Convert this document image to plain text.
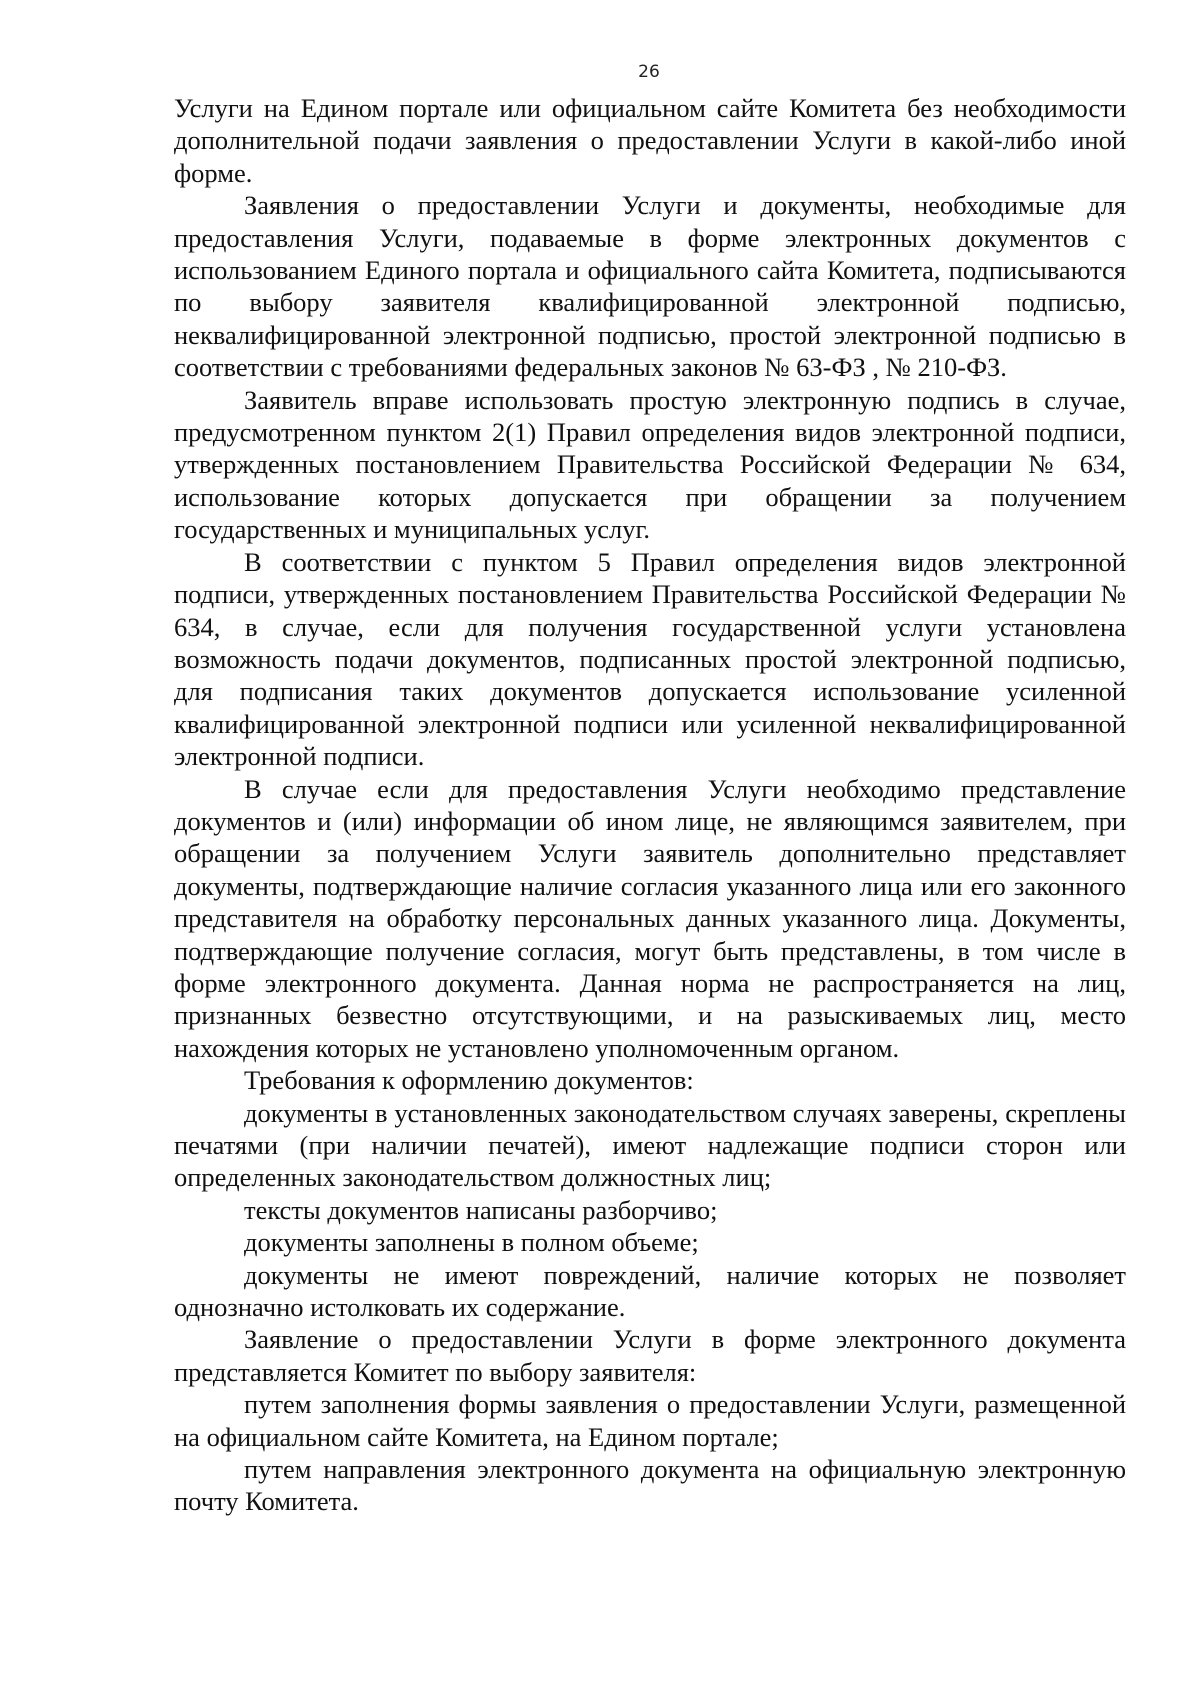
26

Услуги на Едином портале или официальном сайте Комитета без необходимости дополнительной подачи заявления о предоставлении Услуги в какой-либо иной форме.

Заявления о предоставлении Услуги и документы, необходимые для предоставления Услуги, подаваемые в форме электронных документов с использованием Единого портала и официального сайта Комитета, подписываются по выбору заявителя квалифицированной электронной подписью, неквалифицированной электронной подписью, простой электронной подписью в соответствии с требованиями федеральных законов № 63-ФЗ , № 210-ФЗ.

Заявитель вправе использовать простую электронную подпись в случае, предусмотренном пунктом 2(1) Правил определения видов электронной подписи, утвержденных постановлением Правительства Российской Федерации № 634, использование которых допускается при обращении за получением государственных и муниципальных услуг.

В соответствии с пунктом 5 Правил определения видов электронной подписи, утвержденных постановлением Правительства Российской Федерации № 634, в случае, если для получения государственной услуги установлена возможность подачи документов, подписанных простой электронной подписью, для подписания таких документов допускается использование усиленной квалифицированной электронной подписи или усиленной неквалифицированной электронной подписи.

В случае если для предоставления Услуги необходимо представление документов и (или) информации об ином лице, не являющимся заявителем, при обращении за получением Услуги заявитель дополнительно представляет документы, подтверждающие наличие согласия указанного лица или его законного представителя на обработку персональных данных указанного лица. Документы, подтверждающие получение согласия, могут быть представлены, в том числе в форме электронного документа. Данная норма не распространяется на лиц, признанных безвестно отсутствующими, и на разыскиваемых лиц, место нахождения которых не установлено уполномоченным органом.

Требования к оформлению документов:

документы в установленных законодательством случаях заверены, скреплены печатями (при наличии печатей), имеют надлежащие подписи сторон или определенных законодательством должностных лиц;

тексты документов написаны разборчиво;

документы заполнены в полном объеме;

документы не имеют повреждений, наличие которых не позволяет однозначно истолковать их содержание.

Заявление о предоставлении Услуги в форме электронного документа представляется Комитет по выбору заявителя:

путем заполнения формы заявления о предоставлении Услуги, размещенной на официальном сайте Комитета, на Едином портале;

путем направления электронного документа на официальную электронную почту Комитета.
